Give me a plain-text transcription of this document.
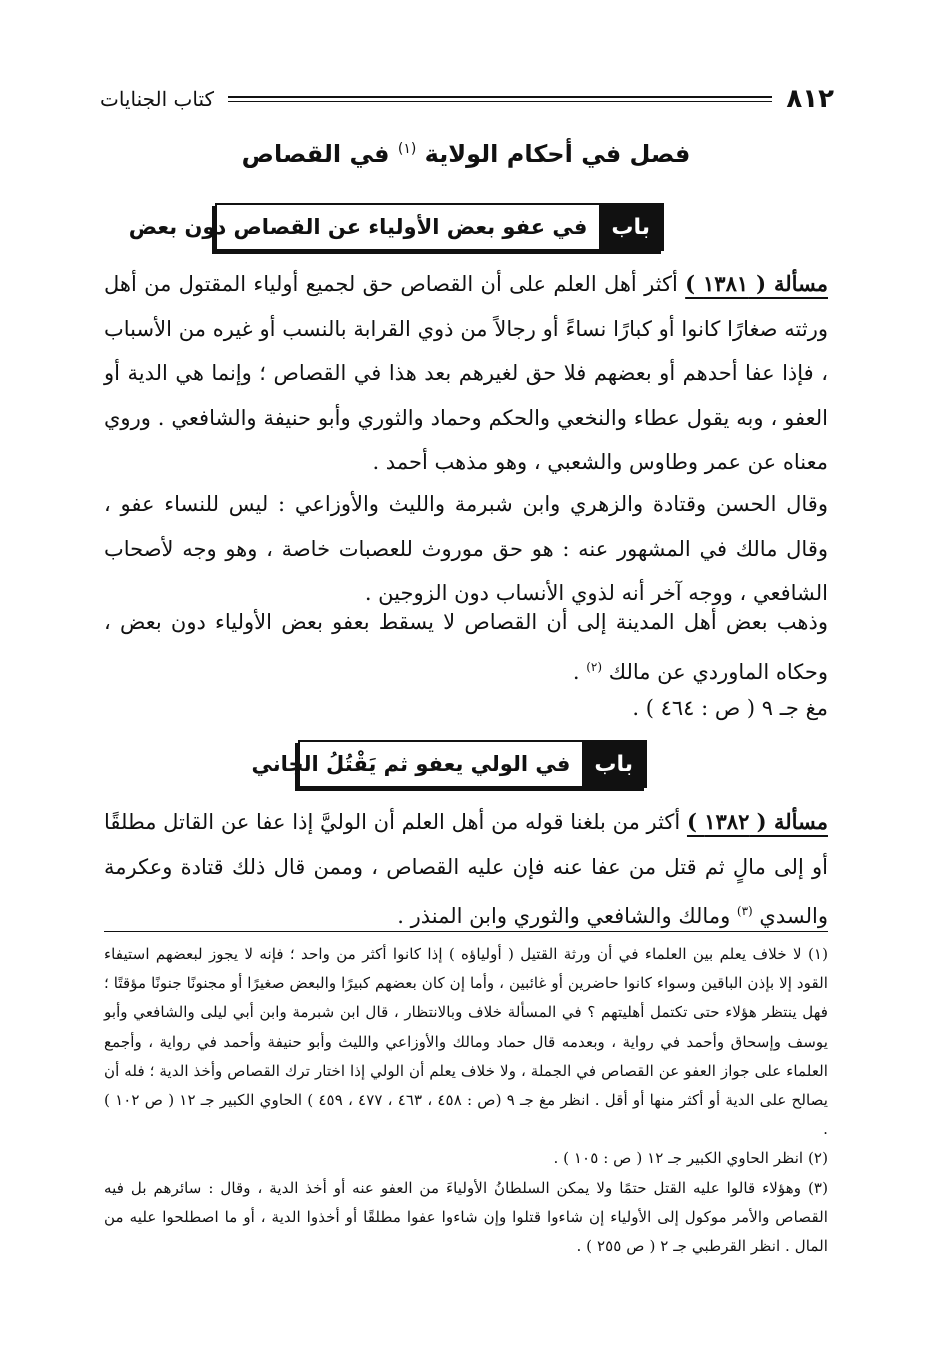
٨١٢
كتاب الجنايات
فصل في أحكام الولاية $^{(١)}$ في القصاص
باب
في عفو بعض الأولياء عن القصاص دون بعض
مسألة ( ١٣٨١ ) أكثر أهل العلم على أن القصاص حق لجميع أولياء المقتول من أهل ورثته صغارًا كانوا أو كبارًا نساءً أو رجالاً من ذوي القرابة بالنسب أو غيره من الأسباب ، فإذا عفا أحدهم أو بعضهم فلا حق لغيرهم بعد هذا في القصاص ؛ وإنما هي الدية أو العفو ، وبه يقول عطاء والنخعي والحكم وحماد والثوري وأبو حنيفة والشافعي . وروي معناه عن عمر وطاوس والشعبي ، وهو مذهب أحمد .
وقال الحسن وقتادة والزهري وابن شبرمة والليث والأوزاعي : ليس للنساء عفو ، وقال مالك في المشهور عنه : هو حق موروث للعصبات خاصة ، وهو وجه لأصحاب الشافعي ، ووجه آخر أنه لذوي الأنساب دون الزوجين .
وذهب بعض أهل المدينة إلى أن القصاص لا يسقط بعفو بعض الأولياء دون بعض ، وحكاه الماوردي عن مالك $^{(٢)}$ .
مغ جـ ٩ ( ص : ٤٦٤ ) .
باب
في الولي يعفو ثم يَقْتُلُ الجاني
مسألة ( ١٣٨٢ ) أكثر من بلغنا قوله من أهل العلم أن الوليَّ إذا عفا عن القاتل مطلقًا أو إلى مالٍ ثم قتل من عفا عنه فإن عليه القصاص ، وممن قال ذلك قتادة وعكرمة والسدي $^{(٣)}$ ومالك والشافعي والثوري وابن المنذر .

(١) لا خلاف يعلم بين العلماء في أن ورثة القتيل ( أولياؤه ) إذا كانوا أكثر من واحد ؛ فإنه لا يجوز لبعضهم استيفاء القود إلا بإذن الباقين وسواء كانوا حاضرين أو غائبين ، وأما إن كان بعضهم كبيرًا والبعض صغيرًا أو مجنونًا جنونًا مؤقتًا ؛ فهل ينتظر هؤلاء حتى تكتمل أهليتهم ؟ في المسألة خلاف وبالانتظار ، قال ابن شبرمة وابن أبي ليلى والشافعي وأبو يوسف وإسحاق وأحمد في رواية ، وبعدمه قال حماد ومالك والأوزاعي والليث وأبو حنيفة وأحمد في رواية ، وأجمع العلماء على جواز العفو عن القصاص في الجملة ، ولا خلاف يعلم أن الولي إذا اختار ترك القصاص وأخذ الدية ؛ فله أن يصالح على الدية أو أكثر منها أو أقل . انظر مغ جـ ٩ (ص : ٤٥٨ ، ٤٦٣ ، ٤٧٧ ، ٤٥٩ ) الحاوي الكبير جـ ١٢ ( ص ١٠٢ ) .

(٢) انظر الحاوي الكبير جـ ١٢ ( ص : ١٠٥ ) .

(٣) وهؤلاء قالوا عليه القتل حتمًا ولا يمكن السلطانُ الأولياءَ من العفو عنه أو أخذ الدية ، وقال : سائرهم بل فيه القصاص والأمر موكول إلى الأولياء إن شاءوا قتلوا وإن شاءوا عفوا مطلقًا أو أخذوا الدية ، أو ما اصطلحوا عليه من المال . انظر القرطبي جـ ٢ ( ص ٢٥٥ ) .
